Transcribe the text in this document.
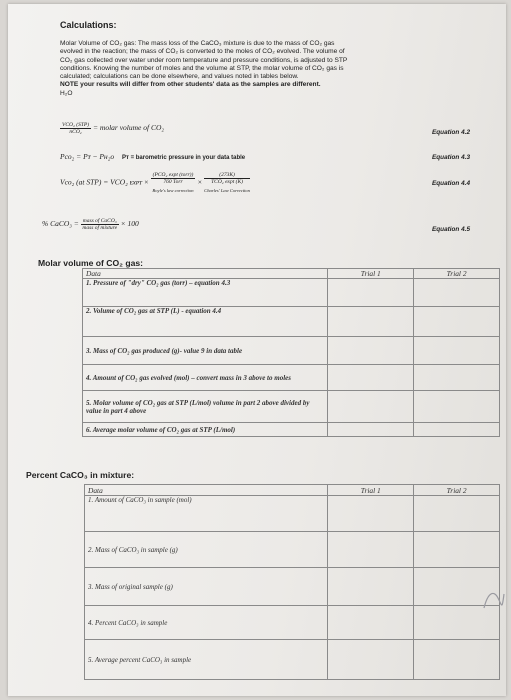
Calculations:
Molar Volume of CO₂ gas: The mass loss of the CaCO₃ mixture is due to the mass of CO₂ gas
evolved in the reaction; the mass of CO₂ is converted to the moles of CO₂ evolved. The volume of
CO₂ gas collected over water under room temperature and pressure conditions, is adjusted to STP
conditions. Knowing the number of moles and the volume at STP, the molar volume of CO₂ gas is
calculated; calculations can be done elsewhere, and values noted in tables below.
NOTE your results will differ from other students' data as the samples are different.
H₂O
$\frac{\text{VCO₂ (STP)}}{\text{nCO₂}}$ = molar volume of CO₂
Equation 4.2
Pco₂ = Pᴛ − Pʜ₂o Pᴛ = barometric pressure in your data table	Equation 4.3
Vco₂ (at STP) = VCO₂ ᴇxᴘᴛ ×
(PCO₂ expt (torr))
760 Torr
Boyle's law correction ×
(273K)
TCO₂ expt (K)
Charles' Law Correction
Equation 4.4
% CaCO₃ = $\frac{\text{mass of CaCO₃}}{\text{mass of mixture}} \times 100$
Equation 4.5
Molar volume of CO₂ gas:
Data	Trial 1	Trial 2
1. Pressure of "dry" CO₂ gas (torr) – equation 4.3		
2. Volume of CO₂ gas at STP (L) - equation 4.4		
3. Mass of CO₂ gas produced (g)- value 9 in data table		
4. Amount of CO₂ gas evolved (mol) – convert mass in 3 above to moles		
5. Molar volume of CO₂ gas at STP (L/mol) volume in part 2 above divided by value in part 4 above		
6. Average molar volume of CO₂ gas at STP (L/mol)		
Percent CaCO₃ in mixture:
Data	Trial 1	Trial 2
1. Amount of CaCO₃ in sample (mol)		
2. Mass of CaCO₃ in sample (g)		
3. Mass of original sample (g)		
4. Percent CaCO₃ in sample		
5. Average percent CaCO₃ in sample		
